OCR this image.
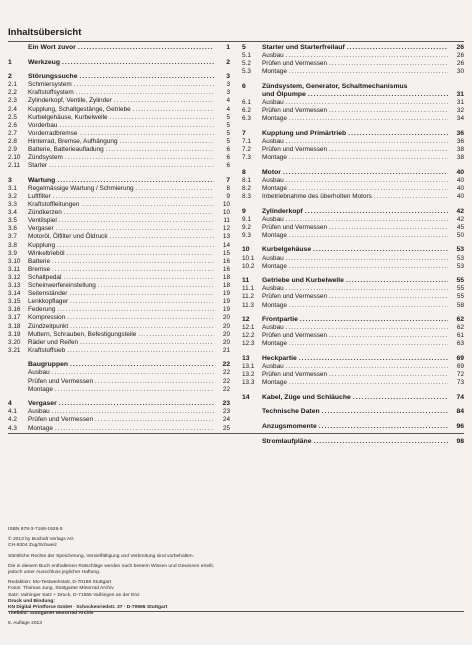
Inhaltsübersicht
Ein Wort zuvor .....	1
1	Werkzeug .....	2
2	Störungssuche .....	3
2.1	Schmiersystem .....	3
2.2	Kraftstoffsystem .....	3
2.3	Zylinderkopf, Ventile, Zylinder .....	4
2.4	Kupplung, Schaltgestänge, Getriebe .....	4
2.5	Kurbelgehäuse, Kurbelwelle .....	5
2.6	Vorderbau .....	5
2.7	Vorderradbremse .....	5
2.8	Hinterrad, Bremse, Aufhängung .....	5
2.9	Batterie, Batterieaufladung .....	6
2.10	Zündsystem .....	6
2.11	Starter .....	6
3	Wartung .....	7
3.1	Regelmässige Wartung / Schmierung .....	8
3.2	Luftfilter .....	9
3.3	Kraftstoffleitungen .....	10
3.4	Zündkerzen .....	10
3.5	Ventilspiel .....	11
3.6	Vergaser .....	12
3.7	Motoröl, Ölfilter und Öldruck .....	13
3.8	Kupplung .....	14
3.9	Winkeltrieböl .....	15
3.10	Batterie .....	16
3.11	Bremse .....	16
3.12	Schaltpedal .....	18
3.13	Scheinwerfereinstellung .....	18
3.14	Seitenständer .....	19
3.15	Lenkkopflager .....	19
3.16	Federung .....	19
3.17	Kompression .....	20
3.18	Zündzeitpunkt .....	20
3.19	Muttern, Schrauben, Befestigungsteile .....	20
3.20	Räder und Reifen .....	20
3.21	Kraftstoffsieb .....	21
Baugruppen .....	22
Ausbau .....	22
Prüfen und Vermessen .....	22
Montage .....	22
4	Vergaser .....	23
4.1	Ausbau .....	23
4.2	Prüfen und Vermessen .....	24
4.3	Montage .....	25
5	Starter und Starterfreilauf .....	26
5.1	Ausbau .....	26
5.2	Prüfen und Vermessen .....	26
5.3	Montage .....	30
6	Zündsystem, Generator, Schaltmechanismus
und Ölpumpe .....	31
6.1	Ausbau .....	31
6.2	Prüfen und Vermessen .....	32
6.3	Montage .....	34
7	Kupplung und Primärtrieb .....	36
7.1	Ausbau .....	36
7.2	Prüfen und Vermessen .....	38
7.3	Montage .....	38
8	Motor .....	40
8.1	Ausbau .....	40
8.2	Montage .....	40
8.3	Inbetriebnahme des überholten Motors .....	40
9	Zylinderkopf .....	42
9.1	Ausbau .....	42
9.2	Prüfen und Vermessen .....	45
9.3	Montage .....	50
10	Kurbelgehäuse .....	53
10.1	Ausbau .....	53
10.2	Montage .....	53
11	Getriebe und Kurbelwelle .....	55
11.1	Ausbau .....	55
11.2	Prüfen und Vermessen .....	55
11.3	Montage .....	58
12	Frontpartie .....	62
12.1	Ausbau .....	62
12.2	Prüfen und Vermessen .....	61
12.3	Montage .....	63
13	Heckpartie .....	69
13.1	Ausbau .....	69
13.2	Prüfen und Vermessen .....	72
13.3	Montage .....	73
14	Kabel, Züge und Schläuche .....	74
Technische Daten .....	84
Anzugsmomente .....	96
Stromlaufpläne .....	98
ISBN 978-3-7168-1926-5
© 2013 by Buchalt Verlags AG
CH-6304 Zug/Schweiz
Sämtliche Rechte der Speicherung, Vervielfältigung und Verbreitung sind vorbehalten.
Die in diesem Buch enthaltenen Ratschläge werden nach bestem Wissen und Gewissen erteilt,
jedoch unter Ausschluss jeglicher Haftung.
Redaktion: Mo-Testwerkstatt, D-70186 Stuttgart
Fotos: Thomas Jung, Stuttgarter Motorrad Archiv
Satz: Vaihinger Satz + Druck, D-71665 Vaihingen an der Enz
Druck und Bindung:
KN Digital Printforce GmbH · Schockenriedstr. 37 · D-70565 Stuttgart
Titelbild: Stuttgarter Motorrad Archiv
5. Auflage 2013
